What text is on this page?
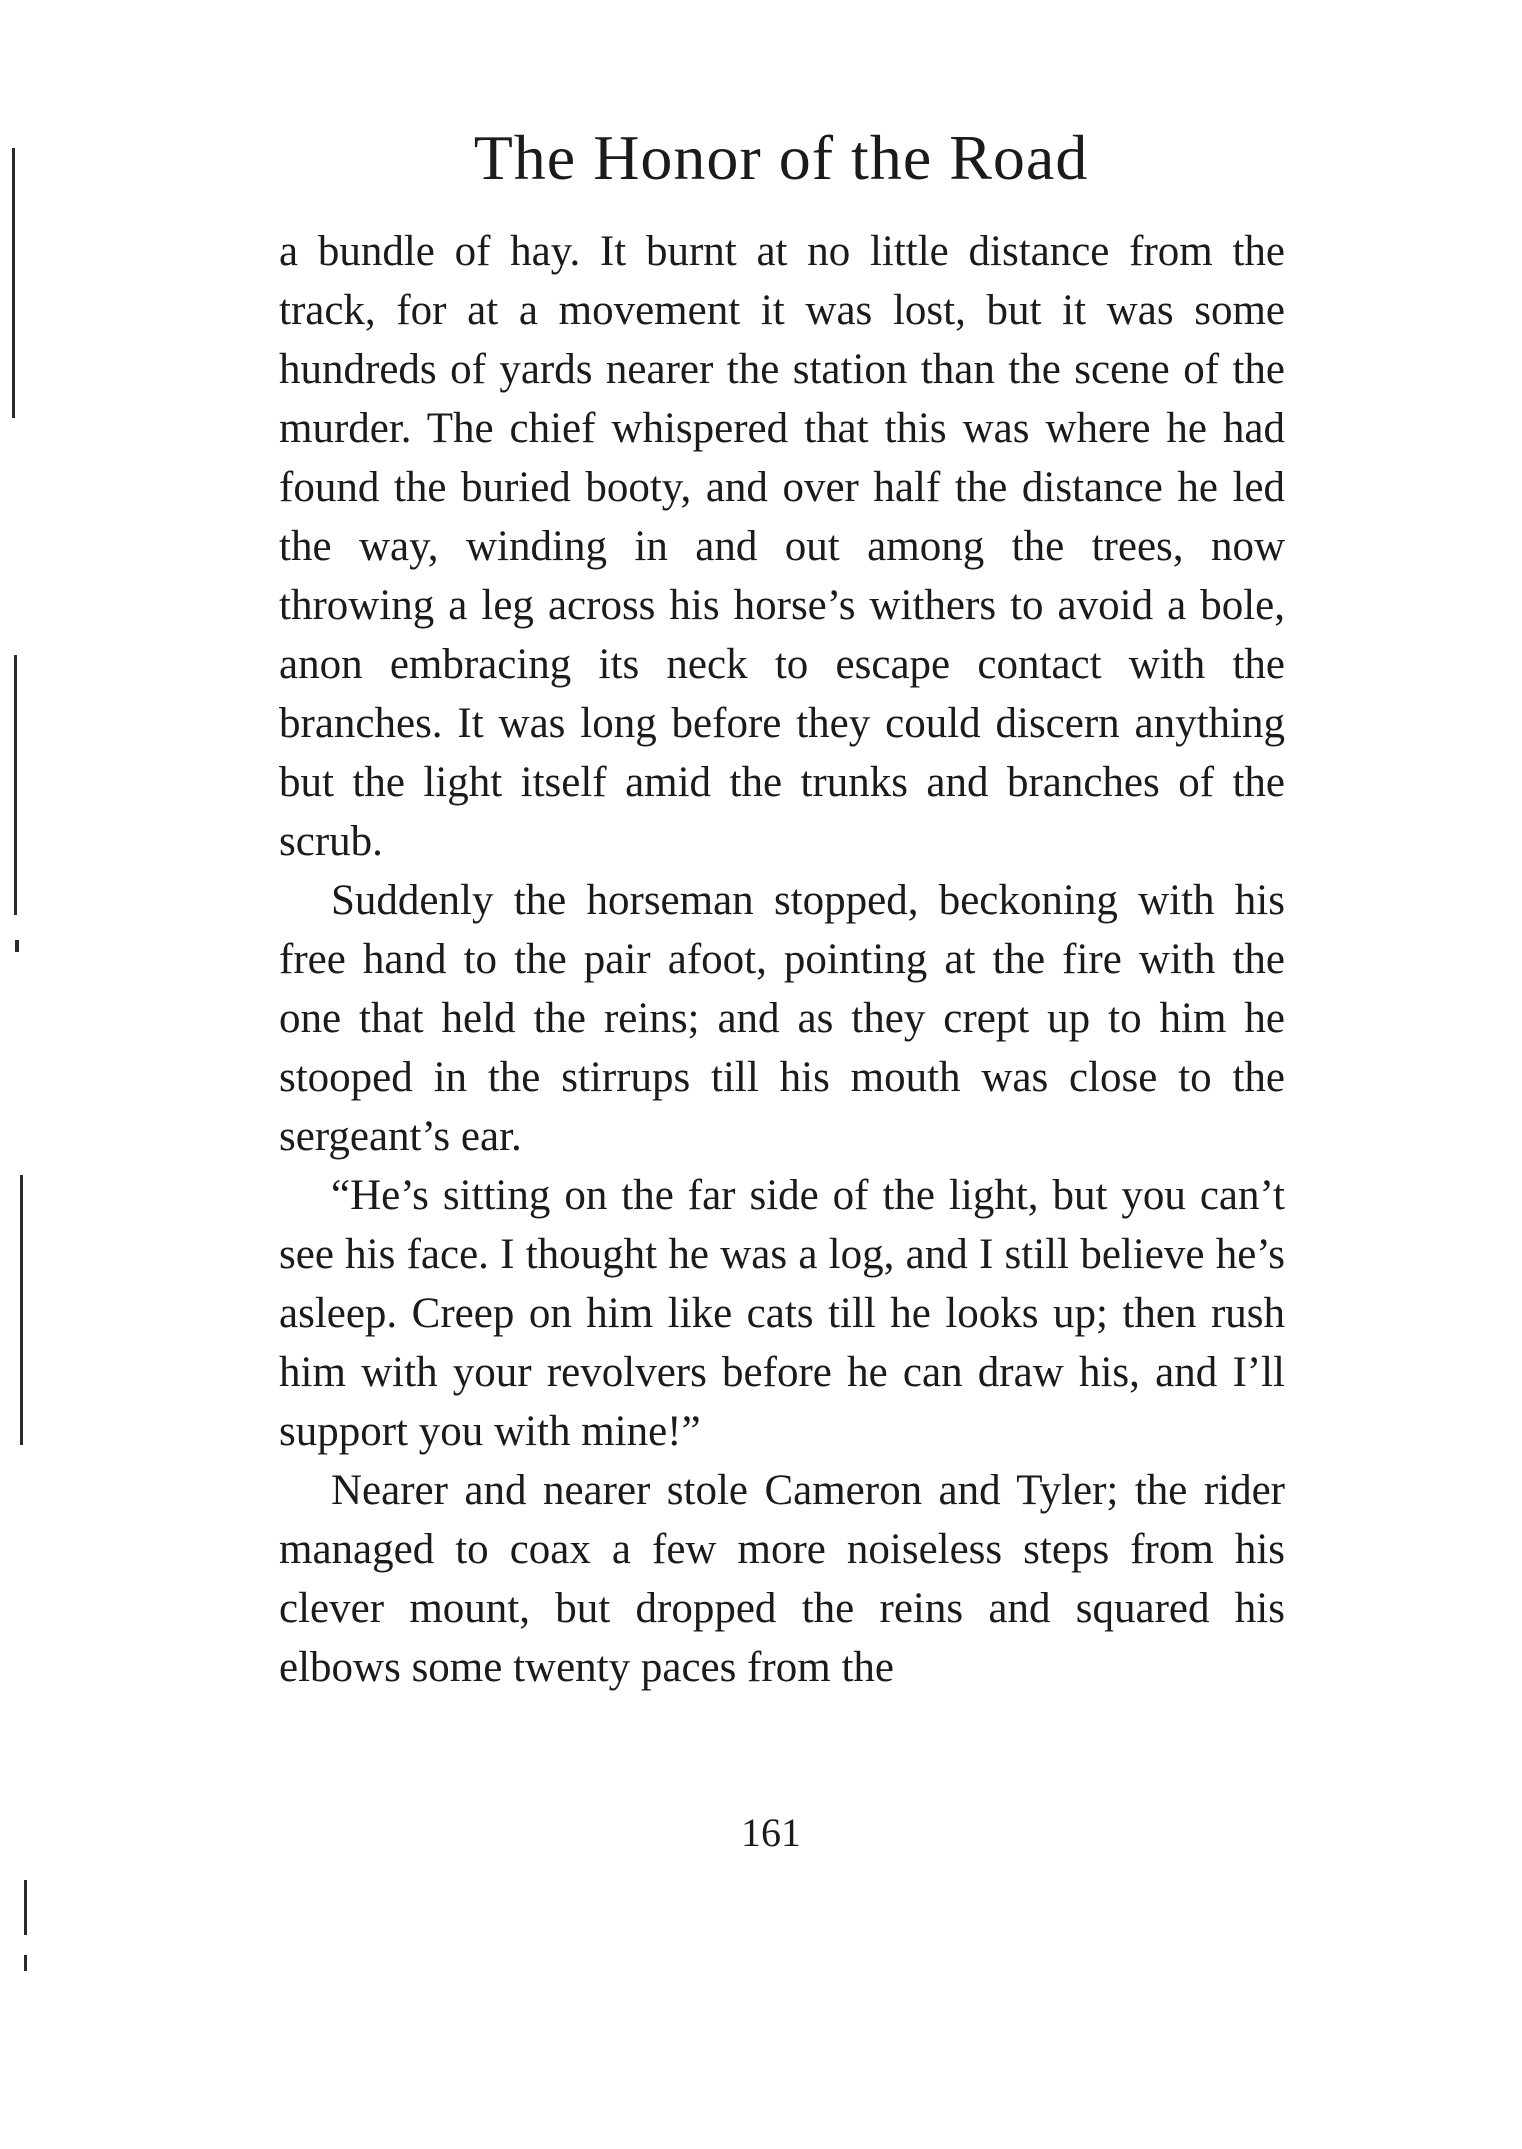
The Honor of the Road

a bundle of hay. It burnt at no little distance from the track, for at a movement it was lost, but it was some hundreds of yards nearer the station than the scene of the murder. The chief whispered that this was where he had found the buried booty, and over half the distance he led the way, winding in and out among the trees, now throwing a leg across his horse’s withers to avoid a bole, anon embracing its neck to escape contact with the branches. It was long before they could discern anything but the light itself amid the trunks and branches of the scrub.

Suddenly the horseman stopped, beckoning with his free hand to the pair afoot, pointing at the fire with the one that held the reins; and as they crept up to him he stooped in the stirrups till his mouth was close to the sergeant’s ear.

“He’s sitting on the far side of the light, but you can’t see his face. I thought he was a log, and I still believe he’s asleep. Creep on him like cats till he looks up; then rush him with your revolvers before he can draw his, and I’ll support you with mine!”

Nearer and nearer stole Cameron and Tyler; the rider managed to coax a few more noiseless steps from his clever mount, but dropped the reins and squared his elbows some twenty paces from the

161
